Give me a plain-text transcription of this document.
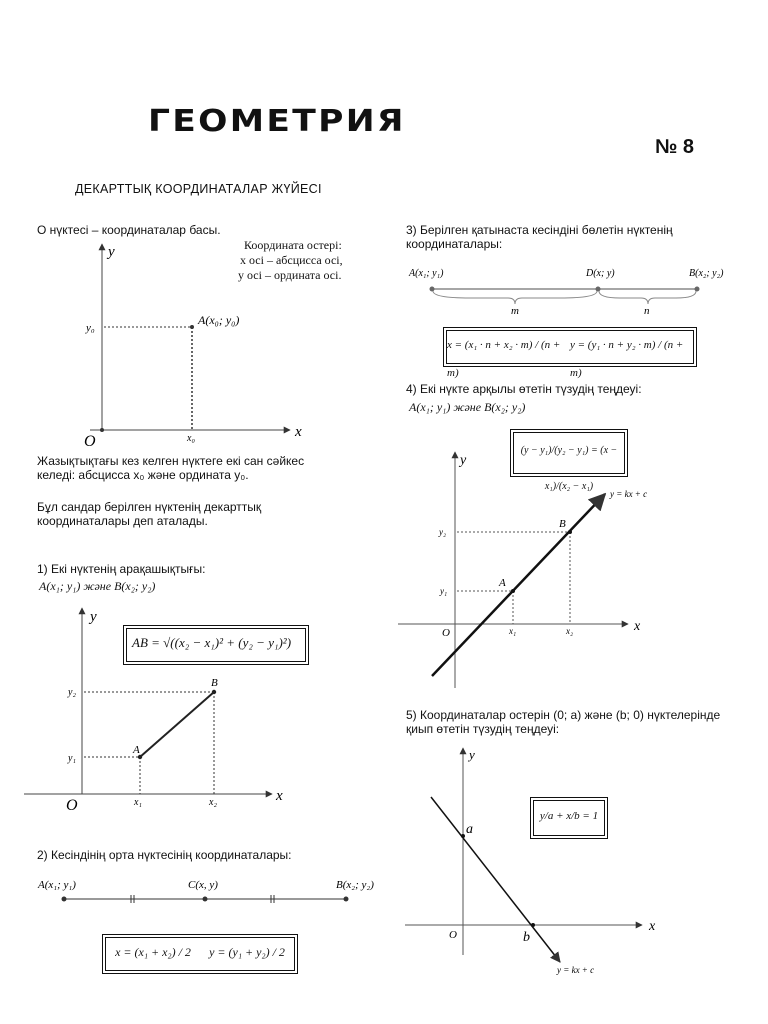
ГЕОМЕТРИЯ
№ 8
ДЕКАРТТЫҚ КООРДИНАТАЛАР ЖҮЙЕСІ
O нүктесі – координаталар басы.
Координата остері:
x осі – абсцисса осі,
y осі – ордината осі.
y
x
O
y₀
x₀
A(x₀; y₀)
Жазықтықтағы кез келген нүктеге екі сан сәйкес келеді: абсцисса x₀ және ордината y₀.
Бұл сандар берілген нүктенің декарттық координаталары деп аталады.
1) Екі нүктенің арақашықтығы:
A(x₁; y₁) және B(x₂; y₂)
AB = √((x₂ − x₁)² + (y₂ − y₁)²)
y
x
O
A
B
y₂
y₁
x₁	x₂
2) Кесіндінің орта нүктесінің координаталары:
A(x₁; y₁)	C(x, y)	B(x₂; y₂)
x = (x₁ + x₂) / 2 y = (y₁ + y₂) / 2
3) Берілген қатынаста кесіндіні бөлетін нүктенің координаталары:
A(x₁; y₁)	D(x; y)	B(x₂; y₂)
m	n
x = (x₁ · n + x₂ · m) / (n + m)
y = (y₁ · n + y₂ · m) / (n + m)
4) Екі нүкте арқылы өтетін түзудің теңдеуі:
A(x₁; y₁) және B(x₂; y₂)
(y − y₁)/(y₂ − y₁) = (x − x₁)/(x₂ − x₁)
y
x
O
A
B
y₂
y₁
x₁	x₂
y = kx + c
5) Координаталар остерін (0; a) және (b; 0) нүктелерінде қиып өтетін түзудің теңдеуі:
y/a + x/b = 1
y
x
O
a
b
y = kx + c
